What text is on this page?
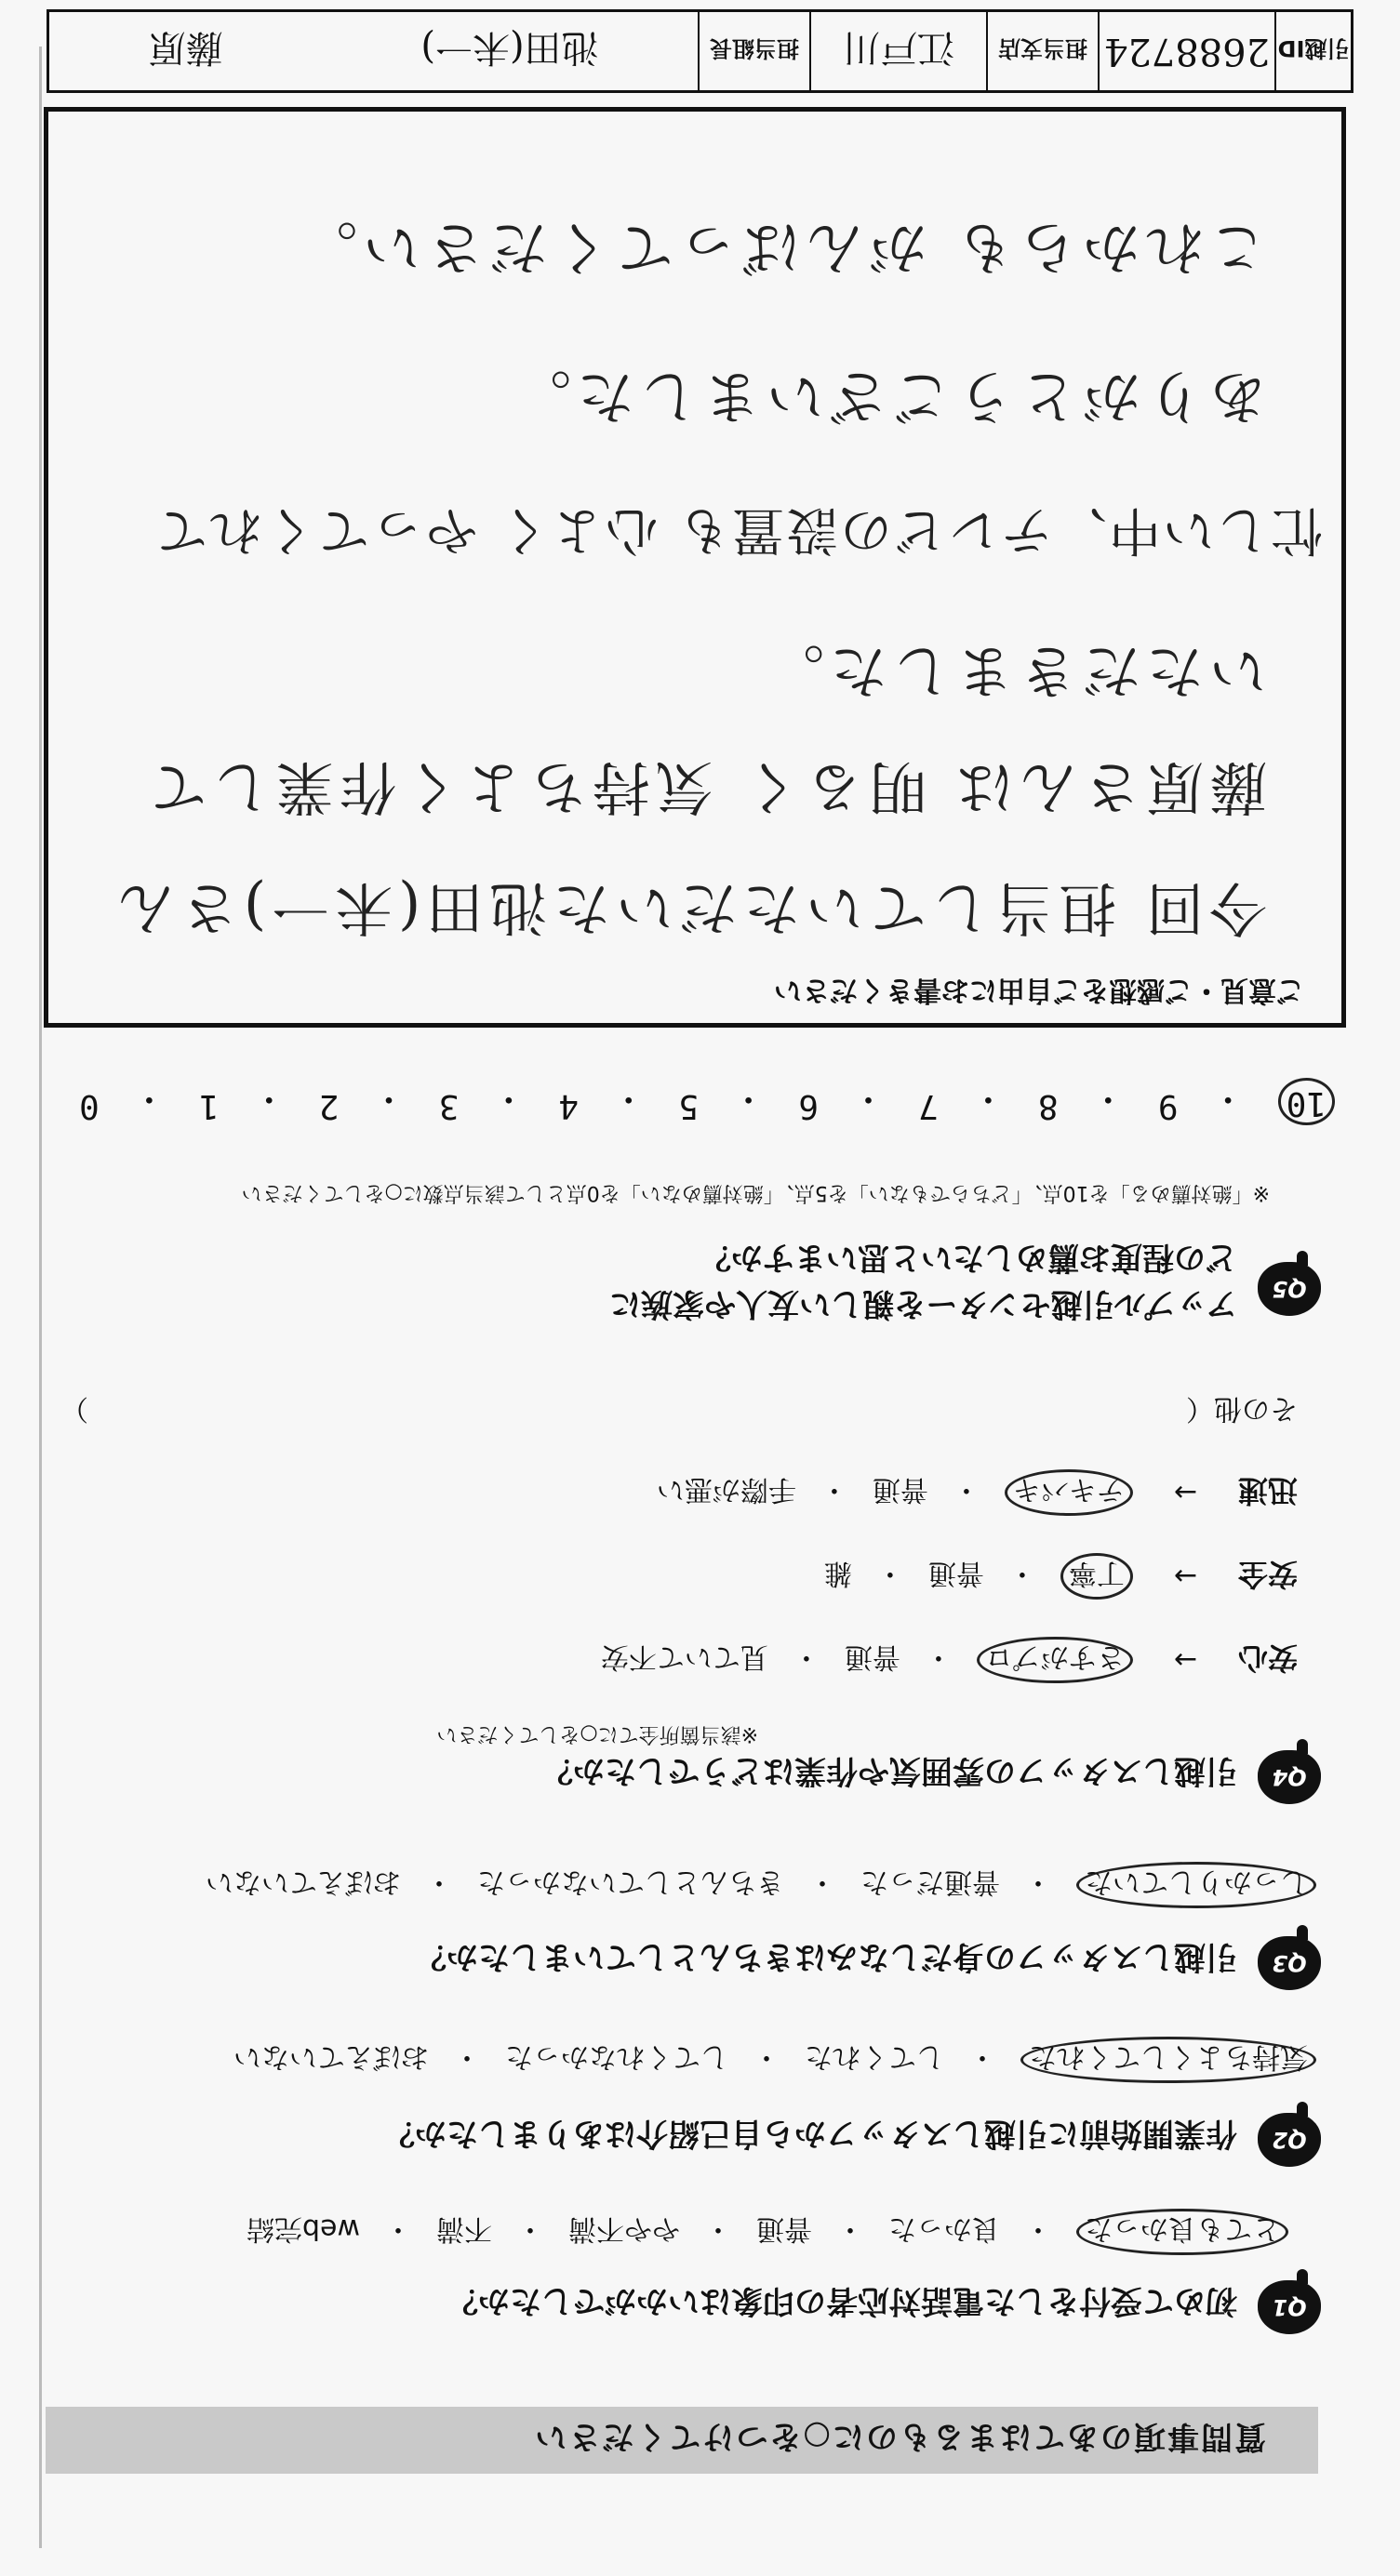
質問事項のあてはまるものに○をつけてください
Q1
初めて受付をした電話対応者の印象はいかがでしたか？
とても良かった
・
良かった
・
普通
・
やや不満
・
不満
・
web完結
Q2
作業開始前に引越しスタッフから自己紹介はありましたか？
気持ちよくしてくれた
・
してくれた
・
してくれなかった
・
おぼえていない
Q3
引越しスタッフの身だしなみはきちんとしていましたか？
しっかりしていた
・
普通だった
・
きちんとしていなかった
・
おぼえていない
Q4
引越しスタッフの雰囲気や作業はどうでしたか？
※該当箇所全てに○をしてください
安心
→
さすがプロ
・
普通
・
見ていて不安
安全
→
丁寧
・
普通
・
雑
迅速
→
テキパキ
・
普通
・
手際が悪い
その他（
）
Q5
アップル引越センターを親しい友人や家族に
どの程度お薦めしたいと思いますか？
※「絶対薦める」を10点、「どちらでもない」を5点、「絶対薦めない」を0点として該当点数に○をしてください
10
・
9
・
8
・
7
・
6
・
5
・
4
・
3
・
2
・
1
・
0
ご意見・ご感想をご自由にお書きください
今回 担当していただいた池田(未一)さん
藤原さんは 明るく 気持ちよく作業して
いただきました。
忙しい中、テレビの設置も 心よく やってくれて
ありがとうございました。
これからも がんばってください。
引越ID
2688724
担当支店
江戸川
担当組長
池田(未一)
藤原
